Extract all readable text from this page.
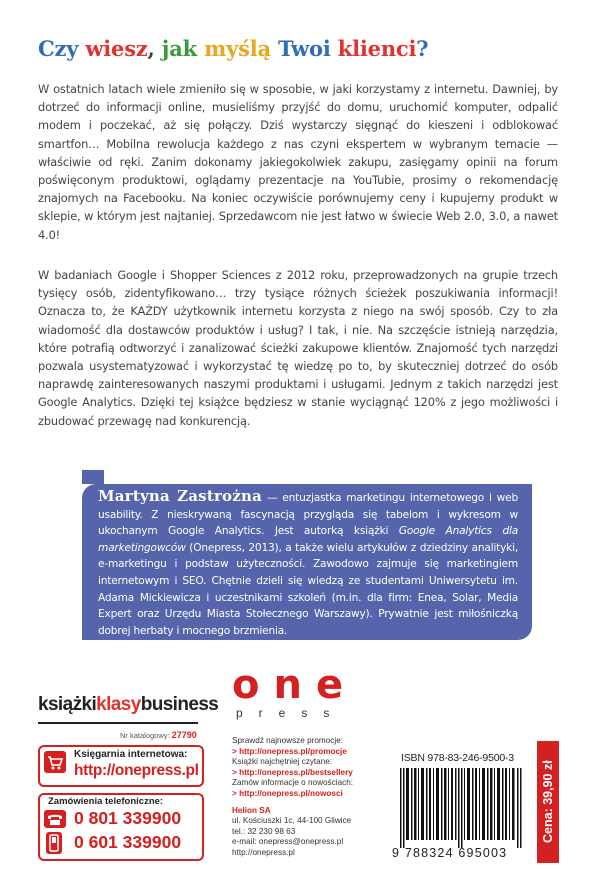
Czy wiesz, jak myślą Twoi klienci?
W ostatnich latach wiele zmieniło się w sposobie, w jaki korzystamy z internetu. Dawniej, by dotrzeć do informacji online, musieliśmy przyjść do domu, uruchomić komputer, odpalić modem i poczekać, aż się połączy. Dziś wystarczy sięgnąć do kieszeni i odblokować smartfon… Mobilna rewolucja każdego z nas czyni ekspertem w wybranym temacie — właściwie od ręki. Zanim dokonamy jakiegokolwiek zakupu, zasięgamy opinii na forum poświęconym produktowi, oglądamy prezentacje na YouTubie, prosimy o rekomendację znajomych na Facebooku. Na koniec oczywiście porównujemy ceny i kupujemy produkt w sklepie, w którym jest najtaniej. Sprzedawcom nie jest łatwo w świecie Web 2.0, 3.0, a nawet 4.0!
W badaniach Google i Shopper Sciences z 2012 roku, przeprowadzonych na grupie trzech tysięcy osób, zidentyfikowano… trzy tysiące różnych ścieżek poszukiwania informacji! Oznacza to, że KAŻDY użytkownik internetu korzysta z niego na swój sposób. Czy to zła wiadomość dla dostawców produktów i usług? I tak, i nie. Na szczęście istnieją narzędzia, które potrafią odtworzyć i zanalizować ścieżki zakupowe klientów. Znajomość tych narzędzi pozwala usystematyzować i wykorzystać tę wiedzę po to, by skuteczniej dotrzeć do osób naprawdę zainteresowanych naszymi produktami i usługami. Jednym z takich narzędzi jest Google Analytics. Dzięki tej książce będziesz w stanie wyciągnąć 120% z jego możliwości i zbudować przewagę nad konkurencją.
Martyna Zastrożna — entuzjastka marketingu internetowego i web usability. Z nieskrywaną fascynacją przygląda się tabelom i wykresom w ukochanym Google Analytics. Jest autorką książki Google Analytics dla marketingowców (Onepress, 2013), a także wielu artykułów z dziedziny analityki, e-marketingu i podstaw użyteczności. Zawodowo zajmuje się marketingiem internetowym i SEO. Chętnie dzieli się wiedzą ze studentami Uniwersytetu im. Adama Mickiewicza i uczestnikami szkoleń (m.in. dla firm: Enea, Solar, Media Expert oraz Urzędu Miasta Stołecznego Warszawy). Prywatnie jest miłośniczką dobrej herbaty i mocnego brzmienia.
książkiklasybusiness
Nr katalogowy: 27790
Księgarnia internetowa:
http://onepress.pl
Zamówienia telefoniczne:
0 801 339900
0 601 339900
one
press
Sprawdź najnowsze promocje:
> http://onepress.pl/promocje
Książki najchętniej czytane:
> http://onepress.pl/bestsellery
Zamów informacje o nowościach:
> http://onepress.pl/nowosci
Helion SA
ul. Kościuszki 1c, 44-100 Gliwice
tel.: 32 230 98 63
e-mail: onepress@onepress.pl
http://onepress.pl
ISBN 978-83-246-9500-3
9 788324 695003
Cena: 39,90 zł
